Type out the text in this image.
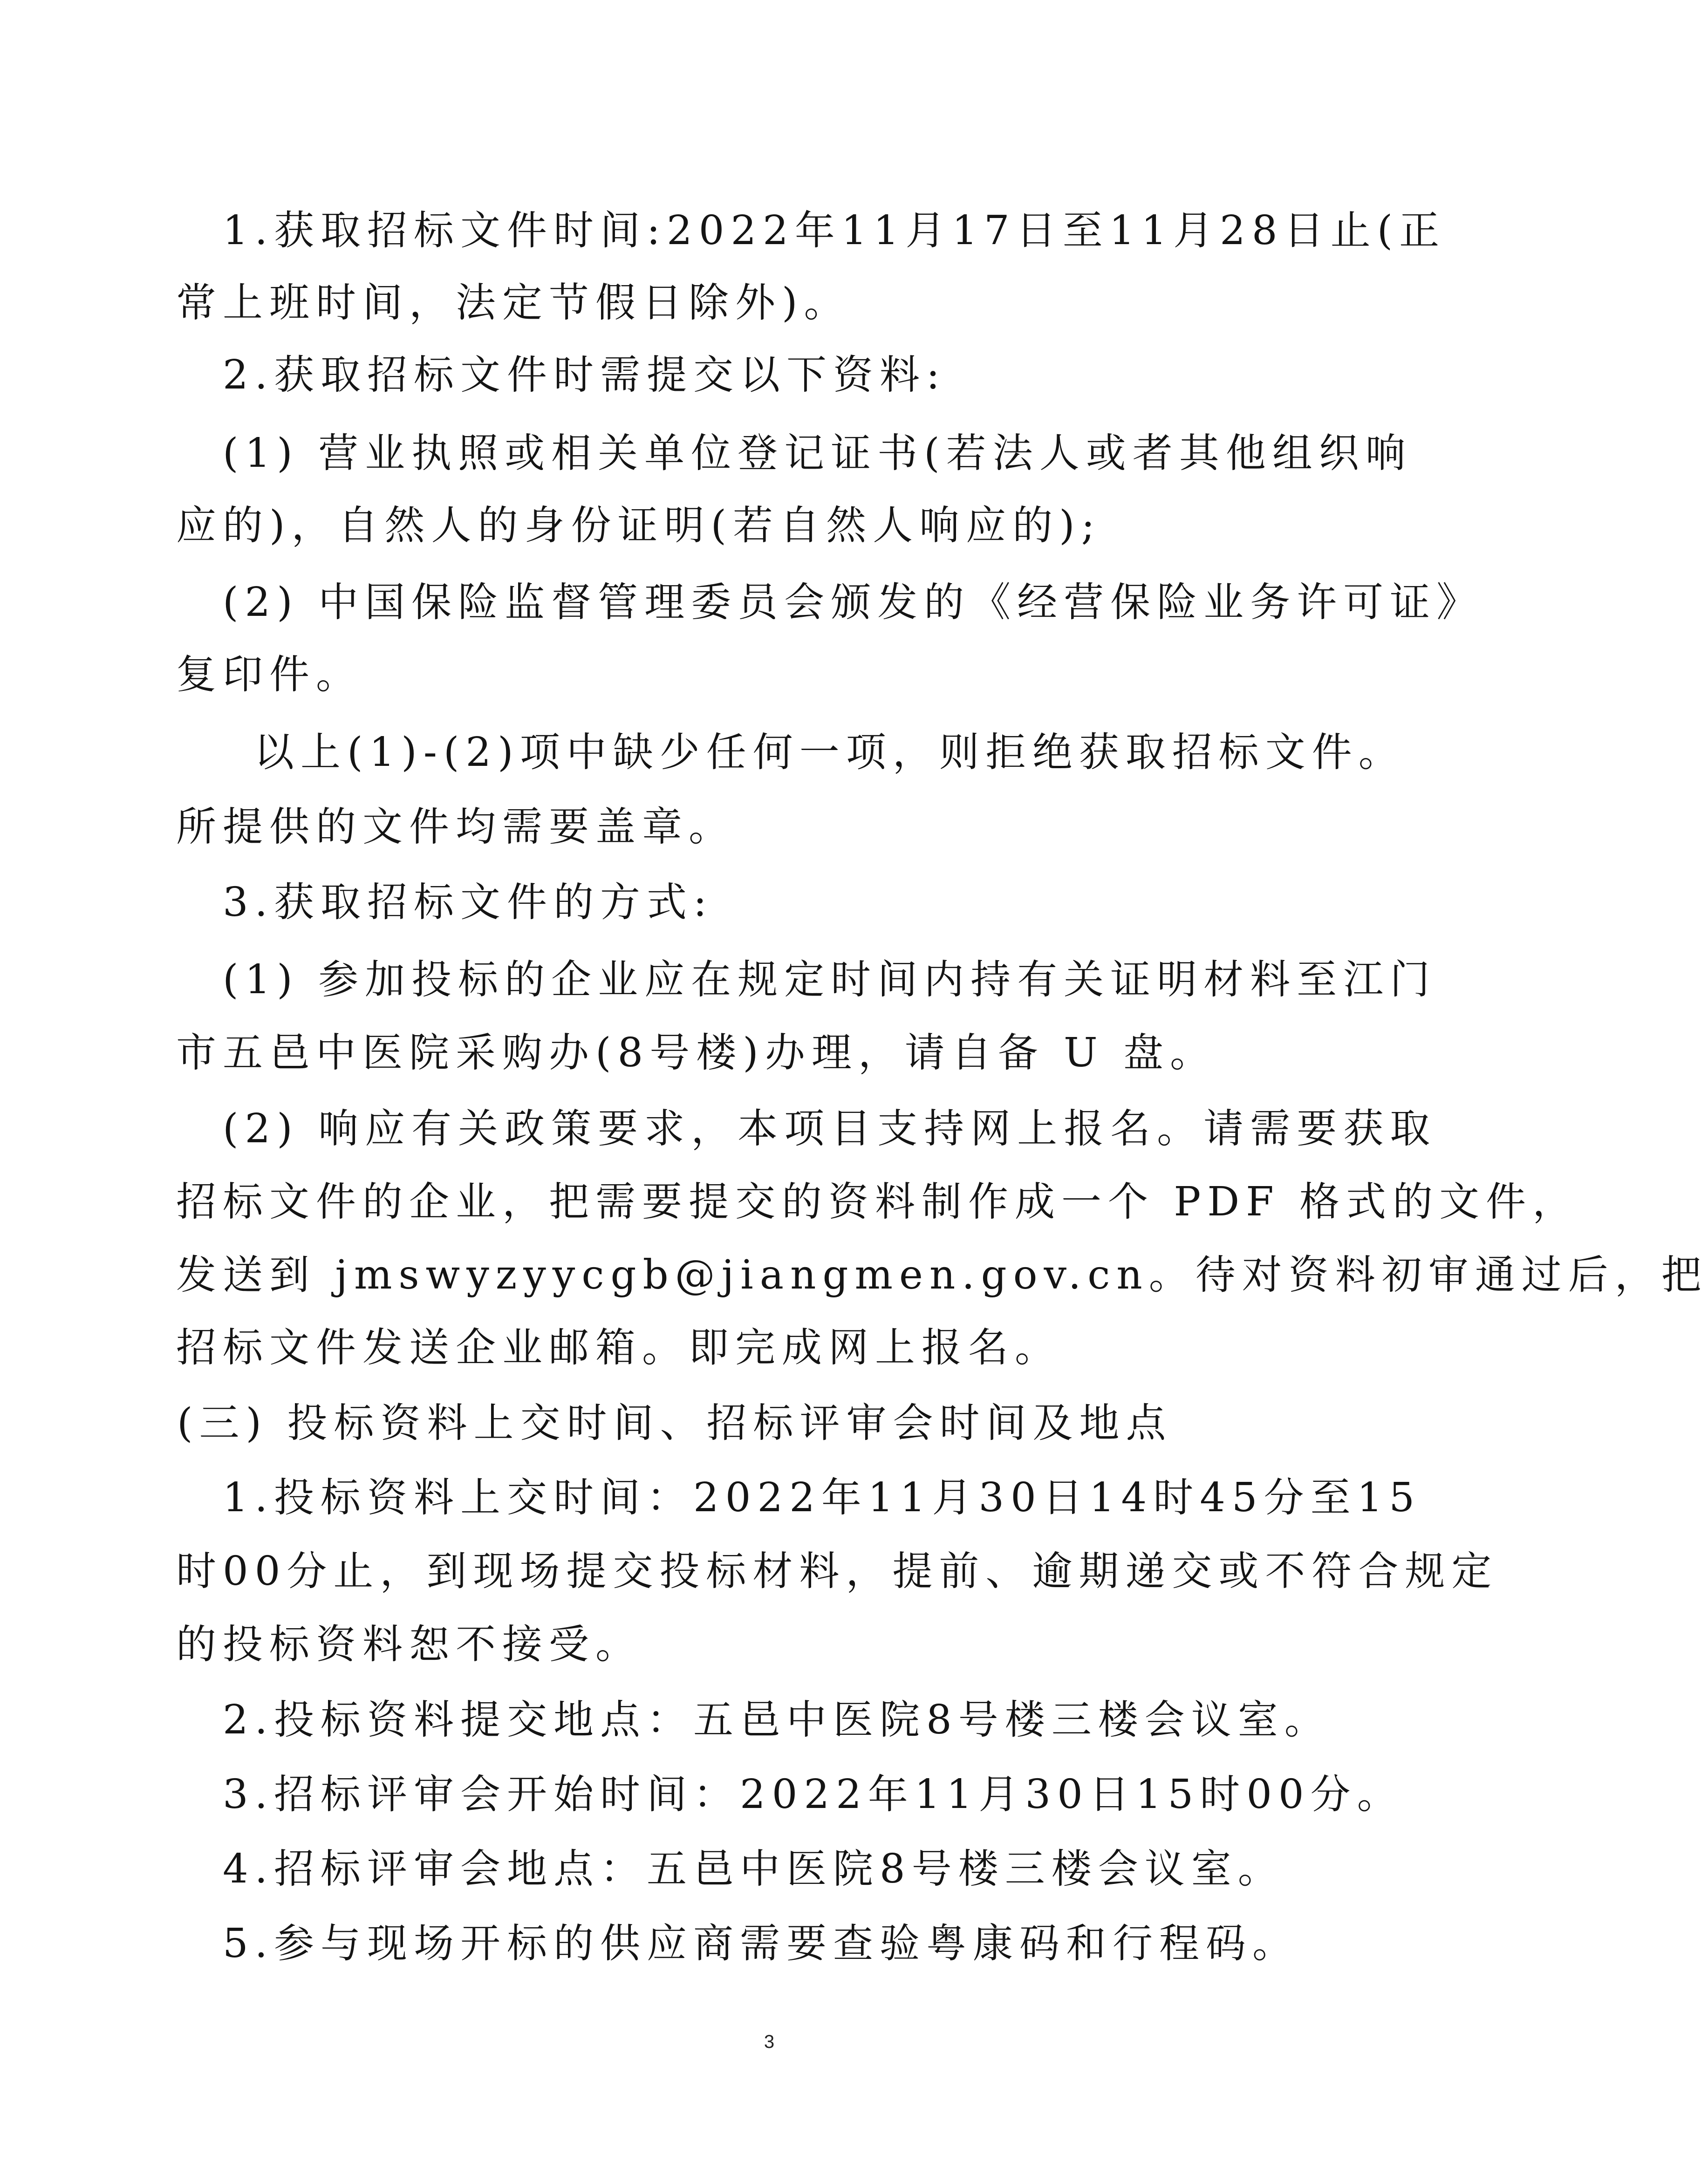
1.获取招标文件时间:2022年11月17日至11月28日止(正
常上班时间，法定节假日除外)。
2.获取招标文件时需提交以下资料:
(1) 营业执照或相关单位登记证书(若法人或者其他组织响
应的)，自然人的身份证明(若自然人响应的);
(2) 中国保险监督管理委员会颁发的《经营保险业务许可证》
复印件。
以上(1)-(2)项中缺少任何一项，则拒绝获取招标文件。
所提供的文件均需要盖章。
3.获取招标文件的方式:
(1) 参加投标的企业应在规定时间内持有关证明材料至江门
市五邑中医院采购办(8号楼)办理，请自备 U 盘。
(2) 响应有关政策要求，本项目支持网上报名。请需要获取
招标文件的企业，把需要提交的资料制作成一个 PDF 格式的文件，
发送到 jmswyzyycgb@jiangmen.gov.cn。待对资料初审通过后，把
招标文件发送企业邮箱。即完成网上报名。
(三) 投标资料上交时间、招标评审会时间及地点
1.投标资料上交时间：2022年11月30日14时45分至15
时00分止，到现场提交投标材料，提前、逾期递交或不符合规定
的投标资料恕不接受。
2.投标资料提交地点：五邑中医院8号楼三楼会议室。
3.招标评审会开始时间：2022年11月30日15时00分。
4.招标评审会地点：五邑中医院8号楼三楼会议室。
5.参与现场开标的供应商需要查验粤康码和行程码。
3
